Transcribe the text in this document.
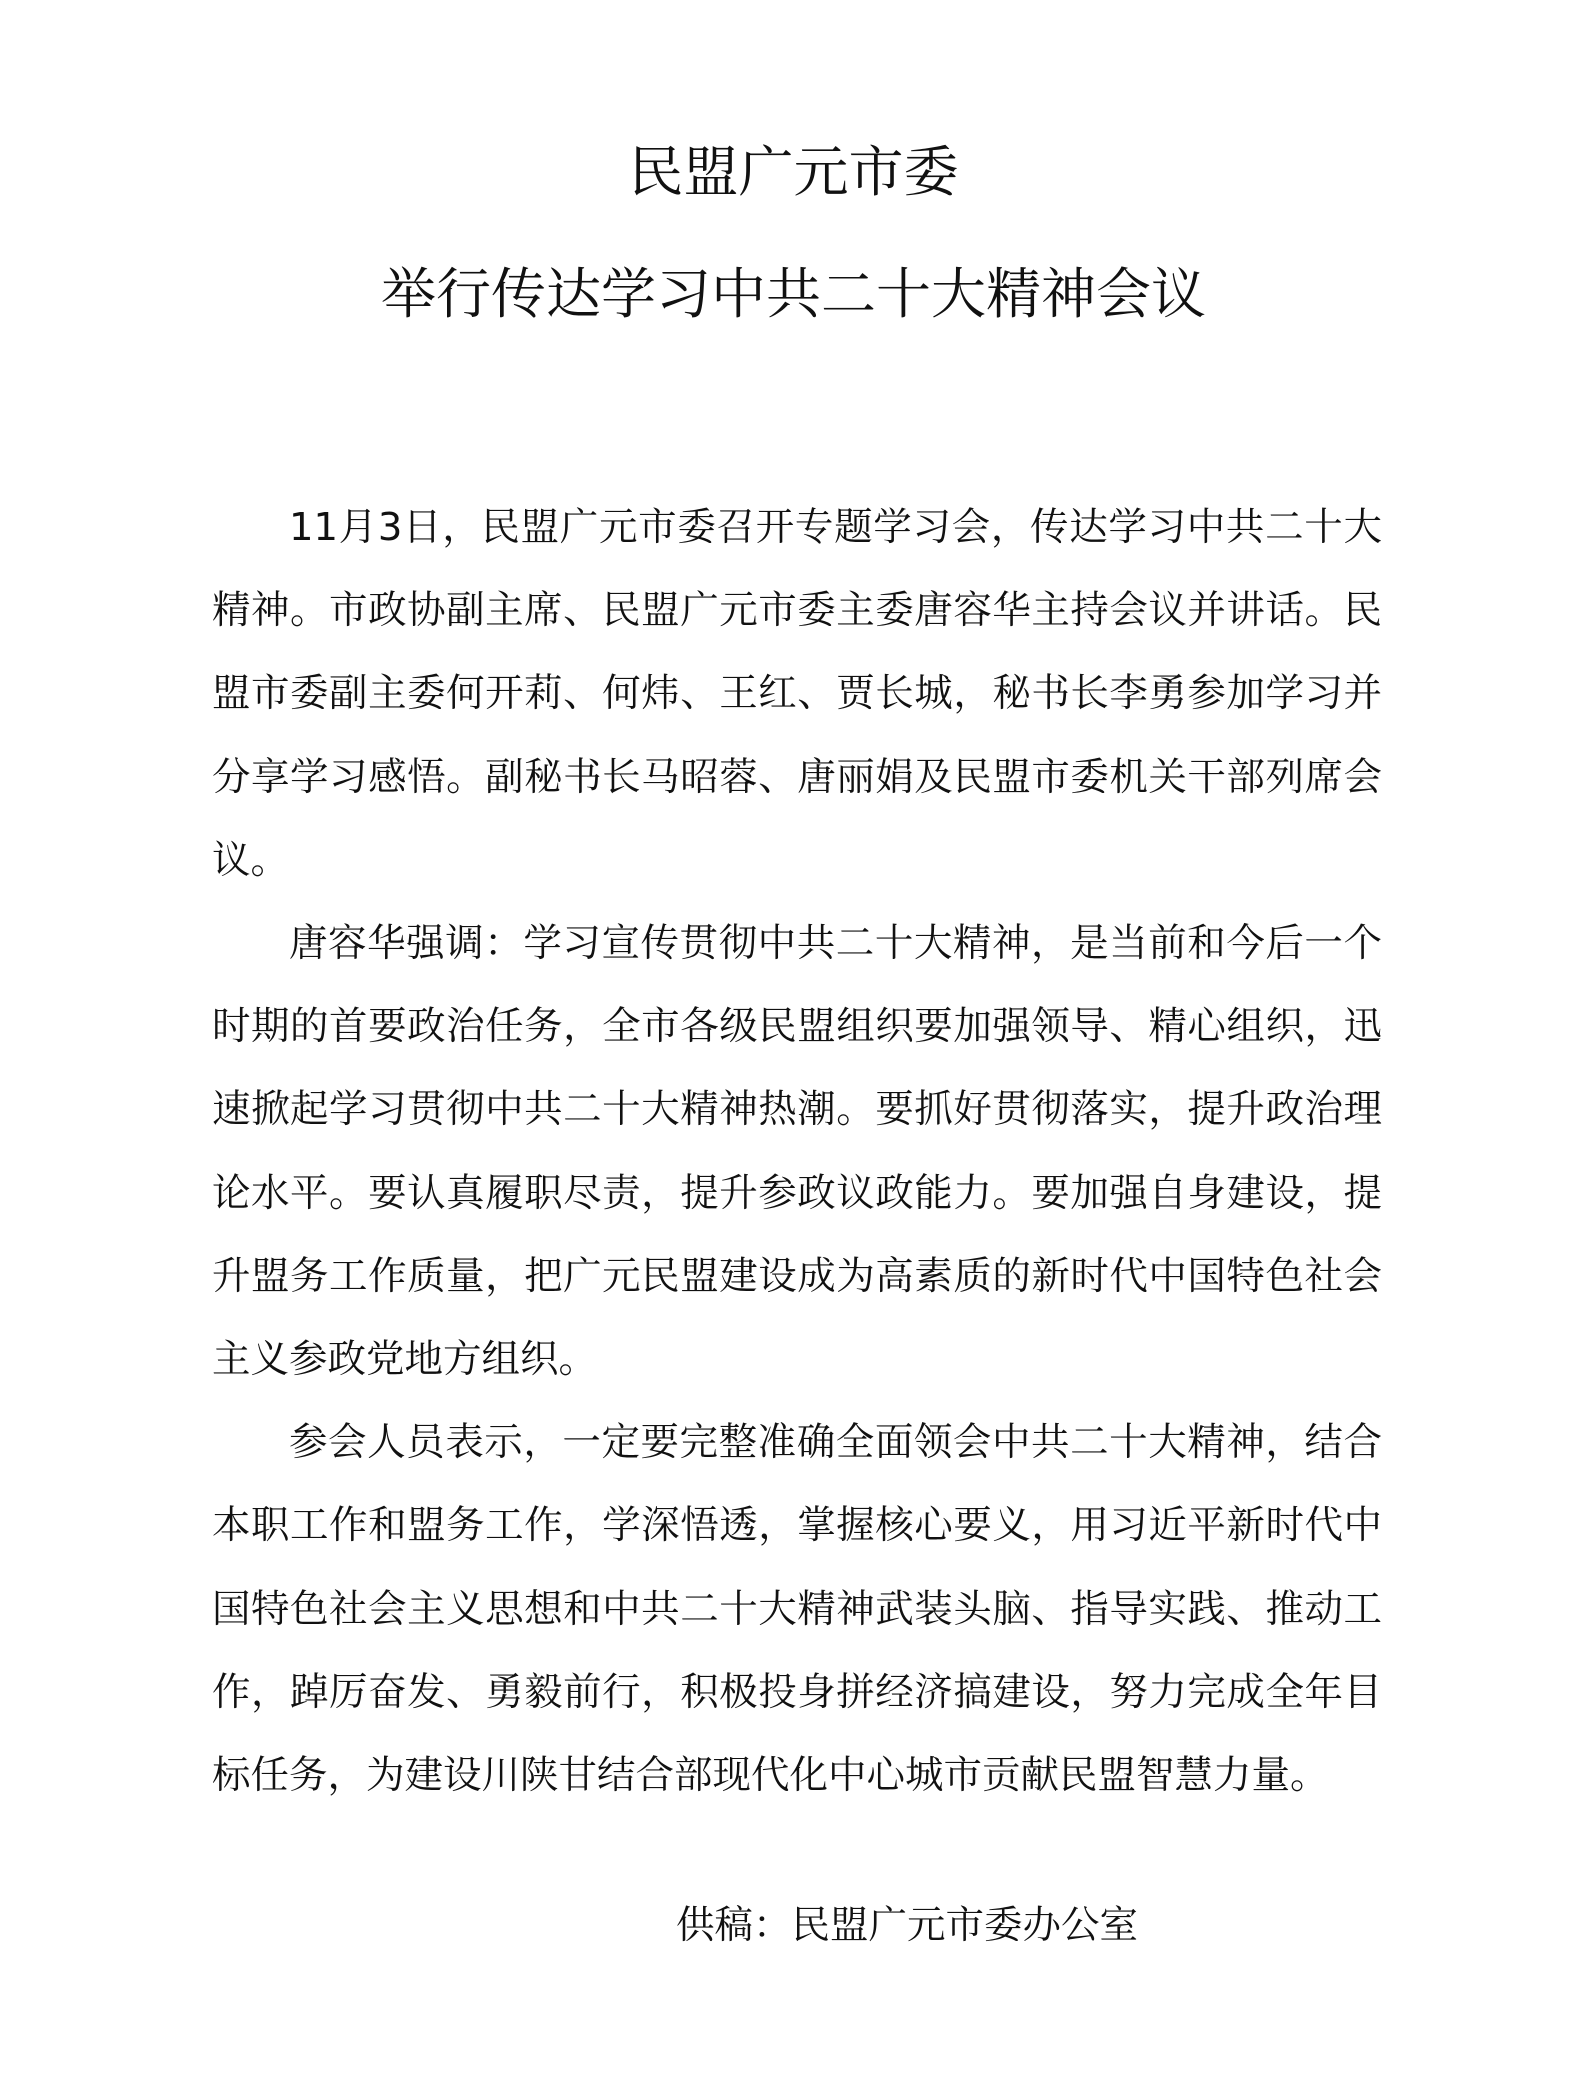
民盟广元市委
举行传达学习中共二十大精神会议

11月3日，民盟广元市委召开专题学习会，传达学习中共二十大精神。市政协副主席、民盟广元市委主委唐容华主持会议并讲话。民盟市委副主委何开莉、何炜、王红、贾长城，秘书长李勇参加学习并分享学习感悟。副秘书长马昭蓉、唐丽娟及民盟市委机关干部列席会议。

唐容华强调：学习宣传贯彻中共二十大精神，是当前和今后一个时期的首要政治任务，全市各级民盟组织要加强领导、精心组织，迅速掀起学习贯彻中共二十大精神热潮。要抓好贯彻落实，提升政治理论水平。要认真履职尽责，提升参政议政能力。要加强自身建设，提升盟务工作质量，把广元民盟建设成为高素质的新时代中国特色社会主义参政党地方组织。

参会人员表示，一定要完整准确全面领会中共二十大精神，结合本职工作和盟务工作，学深悟透，掌握核心要义，用习近平新时代中国特色社会主义思想和中共二十大精神武装头脑、指导实践、推动工作，踔厉奋发、勇毅前行，积极投身拼经济搞建设，努力完成全年目标任务，为建设川陕甘结合部现代化中心城市贡献民盟智慧力量。

供稿：民盟广元市委办公室
